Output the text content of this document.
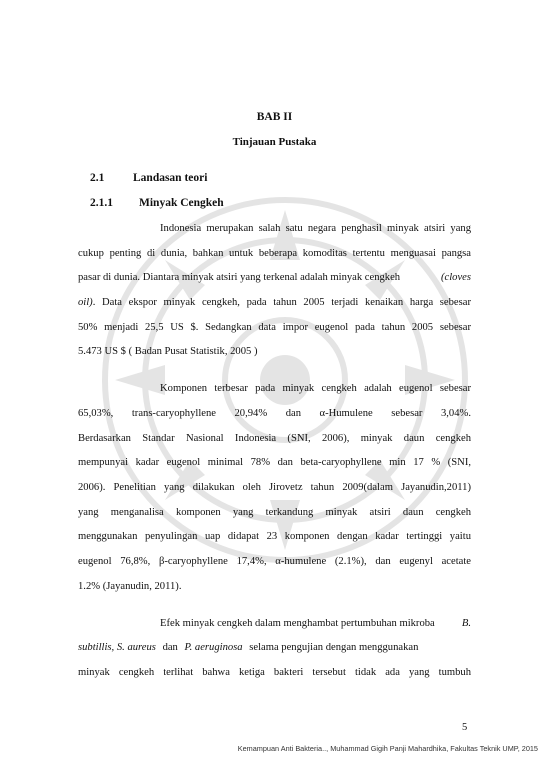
BAB II
Tinjauan Pustaka
2.1 Landasan teori
2.1.1 Minyak Cengkeh
Indonesia merupakan salah satu negara penghasil minyak atsiri yang
cukup penting di dunia, bahkan untuk beberapa komoditas tertentu menguasai pangsa
pasar di dunia. Diantara minyak atsiri yang terkenal adalah minyak cengkeh	(cloves
oil) . Data ekspor minyak cengkeh, pada tahun 2005 terjadi kenaikan harga sebesar
50% menjadi 25,5 US $. Sedangkan data impor eugenol pada tahun 2005 sebesar
5.473 US $ ( Badan Pusat Statistik, 2005 )
Komponen terbesar pada minyak cengkeh adalah eugenol sebesar
65,03%, trans-caryophyllene 20,94% dan α-Humulene sebesar 3,04%.
Berdasarkan Standar Nasional Indonesia (SNI, 2006), minyak daun cengkeh
mempunyai kadar eugenol minimal 78% dan beta-caryophyllene min 17 % (SNI,
2006). Penelitian yang dilakukan oleh Jirovetz tahun 2009(dalam Jayanudin,2011)
yang menganalisa komponen yang terkandung minyak atsiri daun cengkeh
menggunakan penyulingan uap didapat 23 komponen dengan kadar tertinggi yaitu
eugenol 76,8%, β-caryophyllene 17,4%, α-humulene (2.1%), dan eugenyl acetate
1.2% (Jayanudin, 2011).
Efek minyak cengkeh dalam menghambat pertumbuhan mikroba	B.
subtillis, S. aureus dan P. aeruginosa selama pengujian dengan menggunakan
minyak cengkeh terlihat bahwa ketiga bakteri tersebut tidak ada yang tumbuh
5
Kemampuan Anti Bakteria.., Muhammad Gigih Panji Mahardhika, Fakultas Teknik UMP, 2015
